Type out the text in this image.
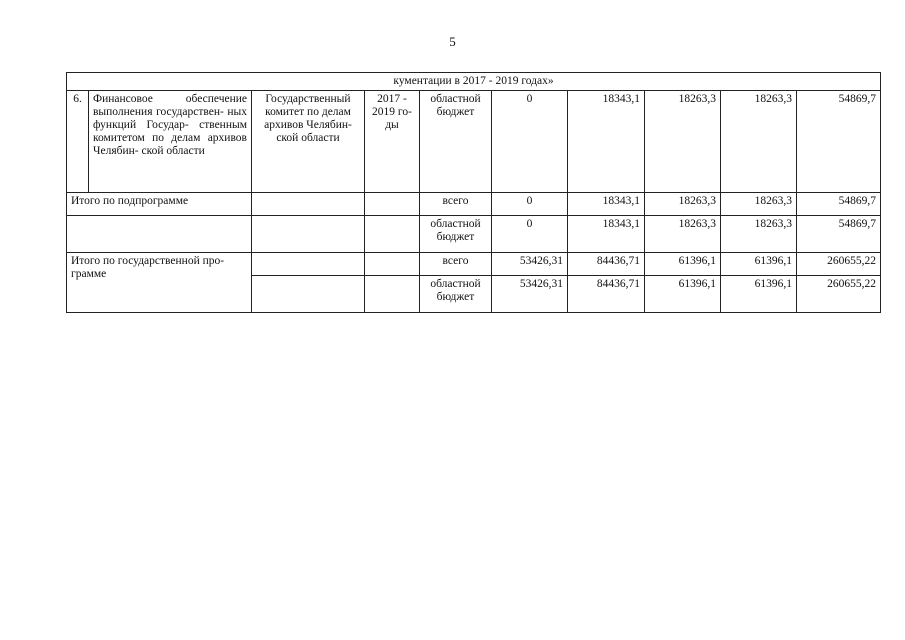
5
кументации в 2017 - 2019 годах»									
6.	Финансовое обеспечение выполнения государствен- ных функций Государ- ственным комитетом по делам архивов Челябин- ской области	Государственный комитет по делам архивов Челябин- ской области	2017 - 2019 го- ды	областной бюджет	0	18343,1	18263,3	18263,3	54869,7
Итого по подпрограмме				всего	0	18343,1	18263,3	18263,3	54869,7
				областной бюджет	0	18343,1	18263,3	18263,3	54869,7
Итого по государственной про- грамме				всего	53426,31	84436,71	61396,1	61396,1	260655,22
				областной бюджет	53426,31	84436,71	61396,1	61396,1	260655,22
